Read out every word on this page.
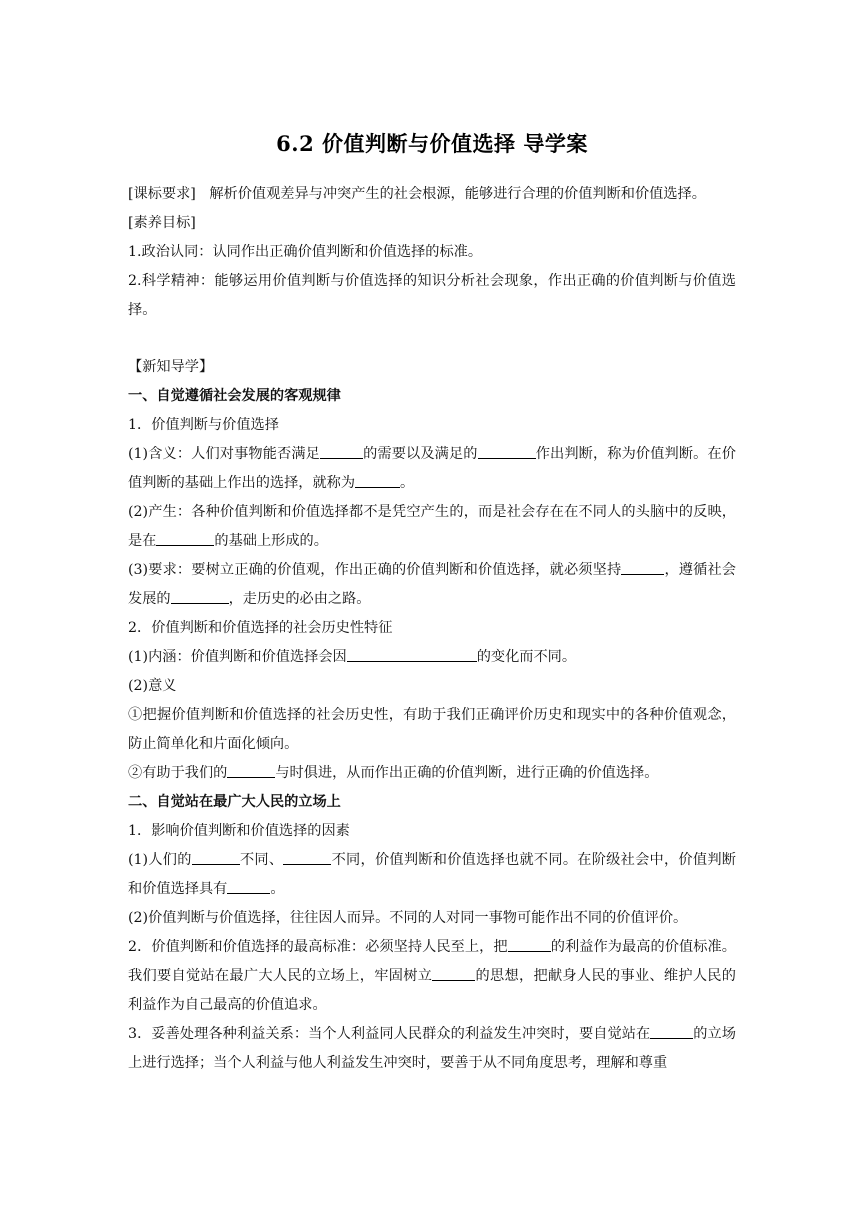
6.2 价值判断与价值选择 导学案

[课标要求] 解析价值观差异与冲突产生的社会根源，能够进行合理的价值判断和价值选择。

[素养目标]

1.政治认同：认同作出正确价值判断和价值选择的标准。

2.科学精神：能够运用价值判断与价值选择的知识分析社会现象，作出正确的价值判断与价值选择。

【新知导学】

一、自觉遵循社会发展的客观规律

1．价值判断与价值选择

(1)含义：人们对事物能否满足	的需要以及满足的	作出判断，称为价值判断。在价值判断的基础上作出的选择，就称为	。

(2)产生：各种价值判断和价值选择都不是凭空产生的，而是社会存在在不同人的头脑中的反映，是在	的基础上形成的。

(3)要求：要树立正确的价值观，作出正确的价值判断和价值选择，就必须坚持	，遵循社会发展的	，走历史的必由之路。

2．价值判断和价值选择的社会历史性特征

(1)内涵：价值判断和价值选择会因	的变化而不同。

(2)意义

①把握价值判断和价值选择的社会历史性，有助于我们正确评价历史和现实中的各种价值观念，防止简单化和片面化倾向。

②有助于我们的	与时俱进，从而作出正确的价值判断，进行正确的价值选择。

二、自觉站在最广大人民的立场上

1．影响价值判断和价值选择的因素

(1)人们的	不同、	不同，价值判断和价值选择也就不同。在阶级社会中，价值判断和价值选择具有	。

(2)价值判断与价值选择，往往因人而异。不同的人对同一事物可能作出不同的价值评价。

2．价值判断和价值选择的最高标准：必须坚持人民至上，把	的利益作为最高的价值标准。我们要自觉站在最广大人民的立场上，牢固树立	的思想，把献身人民的事业、维护人民的利益作为自己最高的价值追求。

3．妥善处理各种利益关系：当个人利益同人民群众的利益发生冲突时，要自觉站在	的立场上进行选择；当个人利益与他人利益发生冲突时，要善于从不同角度思考，理解和尊重
